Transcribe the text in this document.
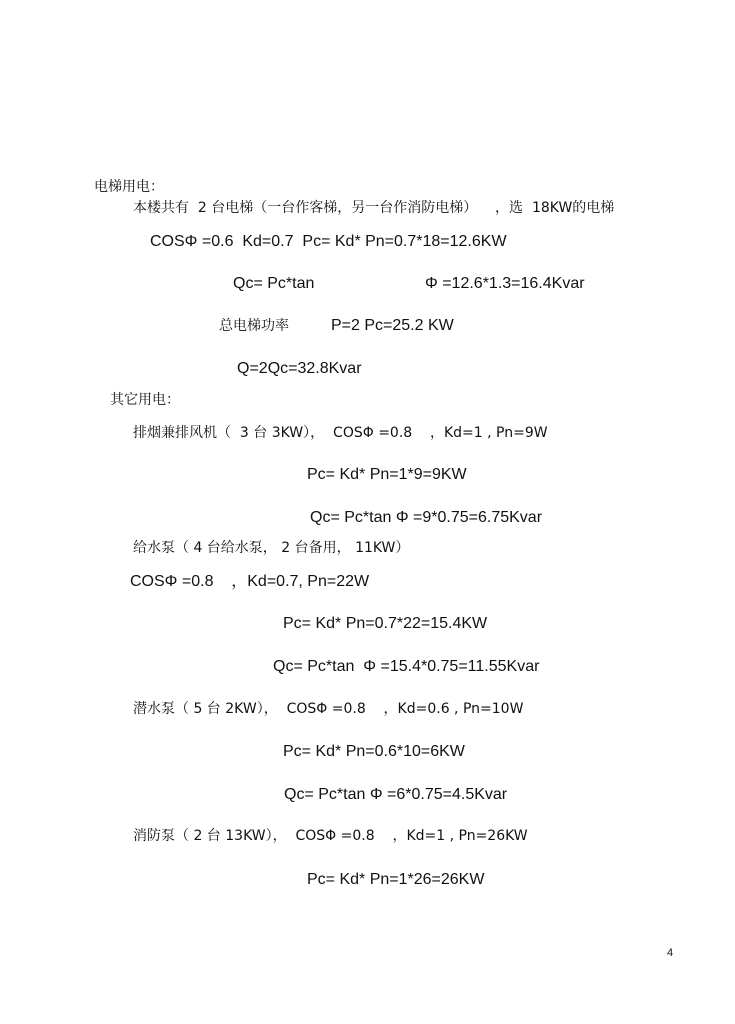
电梯用电：
本楼共有  2 台电梯（一台作客梯，另一台作消防电梯）    ，选  18KW的电梯
COSΦ =0.6  Kd=0.7  Pc= Kd* Pn=0.7*18=12.6KW
Qc= Pc*tan	Φ =12.6*1.3=16.4Kvar
总电梯功率	P=2 Pc=25.2 KW
Q=2Qc=32.8Kvar
其它用电：
排烟兼排风机（  3 台 3KW），  COSΦ =0.8    ，Kd=1 , Pn=9W
Pc= Kd* Pn=1*9=9KW
Qc= Pc*tan Φ =9*0.75=6.75Kvar
给水泵（ 4 台给水泵， 2 台备用， 11KW）
COSΦ =0.8    ，Kd=0.7, Pn=22W
Pc= Kd* Pn=0.7*22=15.4KW
Qc= Pc*tan  Φ =15.4*0.75=11.55Kvar
潜水泵（ 5 台 2KW），  COSΦ =0.8    ，Kd=0.6 , Pn=10W
Pc= Kd* Pn=0.6*10=6KW
Qc= Pc*tan Φ =6*0.75=4.5Kvar
消防泵（ 2 台 13KW），  COSΦ =0.8    ，Kd=1 , Pn=26KW
Pc= Kd* Pn=1*26=26KW
4
